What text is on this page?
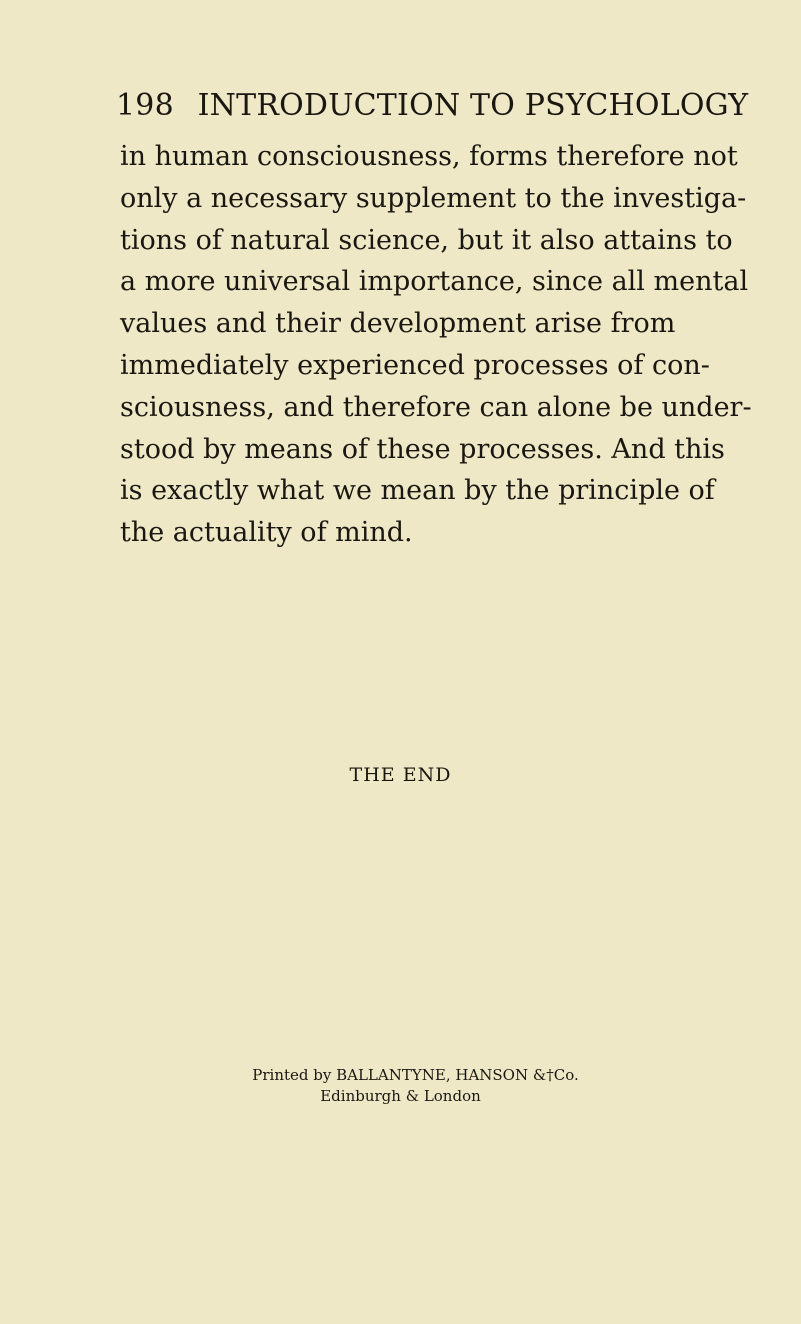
198 INTRODUCTION TO PSYCHOLOGY
in human consciousness, forms therefore not
only a necessary supplement to the investiga-
tions of natural science, but it also attains to
a more universal importance, since all mental
values and their development arise from
immediately experienced processes of con-
sciousness, and therefore can alone be under-
stood by means of these processes. And this
is exactly what we mean by the principle of
the actuality of mind.
THE END
Printed by BALLANTYNE, HANSON &†Co.
Edinburgh & London
